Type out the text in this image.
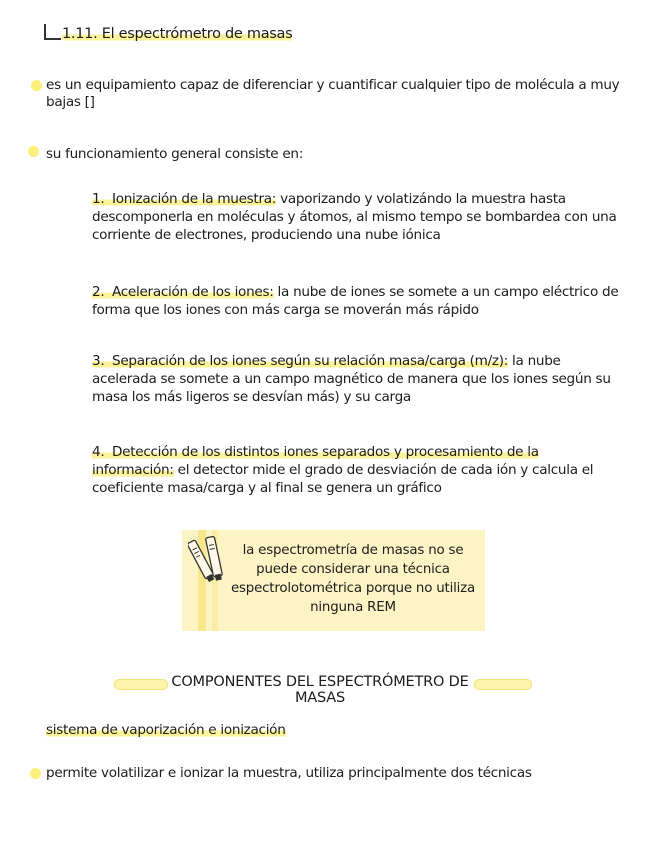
1.11. El espectrómetro de masas
es un equipamiento capaz de diferenciar y cuantificar cualquier tipo de molécula a muy bajas []
su funcionamiento general consiste en:
1. Ionización de la muestra: vaporizando y volatizándo la muestra hasta descomponerla en moléculas y átomos, al mismo tempo se bombardea con una corriente de electrones, produciendo una nube iónica
2. Aceleración de los iones: la nube de iones se somete a un campo eléctrico de forma que los iones con más carga se moverán más rápido
3. Separación de los iones según su relación masa/carga (m/z): la nube acelerada se somete a un campo magnético de manera que los iones según su masa los más ligeros se desvían más) y su carga
4. Detección de los distintos iones separados y procesamiento de la información: el detector mide el grado de desviación de cada ión y calcula el coeficiente masa/carga y al final se genera un gráfico
la espectrometría de masas no se puede considerar una técnica espectrolotométrica porque no utiliza ninguna REM
COMPONENTES DEL ESPECTRÓMETRO DE MASAS
sistema de vaporización e ionización
permite volatilizar e ionizar la muestra, utiliza principalmente dos técnicas
